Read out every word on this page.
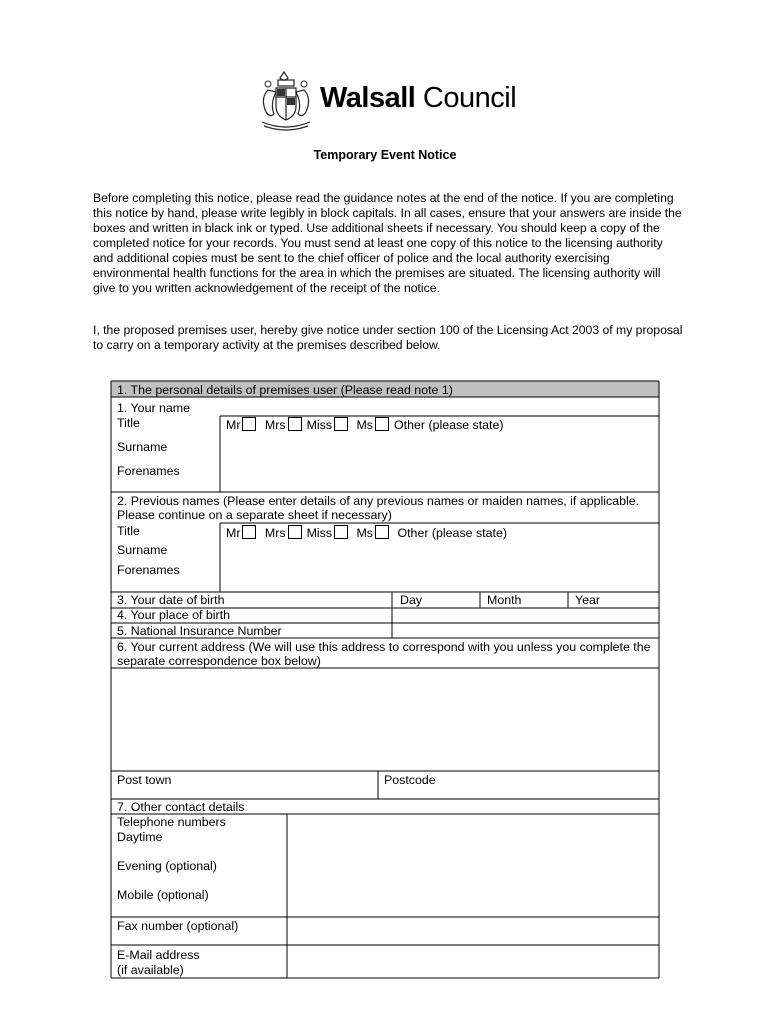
Walsall Council
Temporary Event Notice
Before completing this notice, please read the guidance notes at the end of the notice. If you are completing this notice by hand, please write legibly in block capitals. In all cases, ensure that your answers are inside the boxes and written in black ink or typed. Use additional sheets if necessary. You should keep a copy of the completed notice for your records. You must send at least one copy of this notice to the licensing authority and additional copies must be sent to the chief officer of police and the local authority exercising environmental health functions for the area in which the premises are situated. The licensing authority will give to you written acknowledgement of the receipt of the notice.
I, the proposed premises user, hereby give notice under section 100 of the Licensing Act 2003 of my proposal to carry on a temporary activity at the premises described below.
1. The personal details of premises user (Please read note 1)
1. Your name
Title	Mr Mrs Miss Ms Other (please state)
Surname
Forenames
2. Previous names (Please enter details of any previous names or maiden names, if applicable. Please continue on a separate sheet if necessary)
Title	Mr Mrs Miss Ms Other (please state)
Surname
Forenames
3. Your date of birth	Day	Month	Year
4. Your place of birth
5. National Insurance Number
6. Your current address (We will use this address to correspond with you unless you complete the separate correspondence box below)
Post town	Postcode
7. Other contact details
Telephone numbers
Daytime
Evening (optional)
Mobile (optional)
Fax number (optional)
E-Mail address
(if available)
